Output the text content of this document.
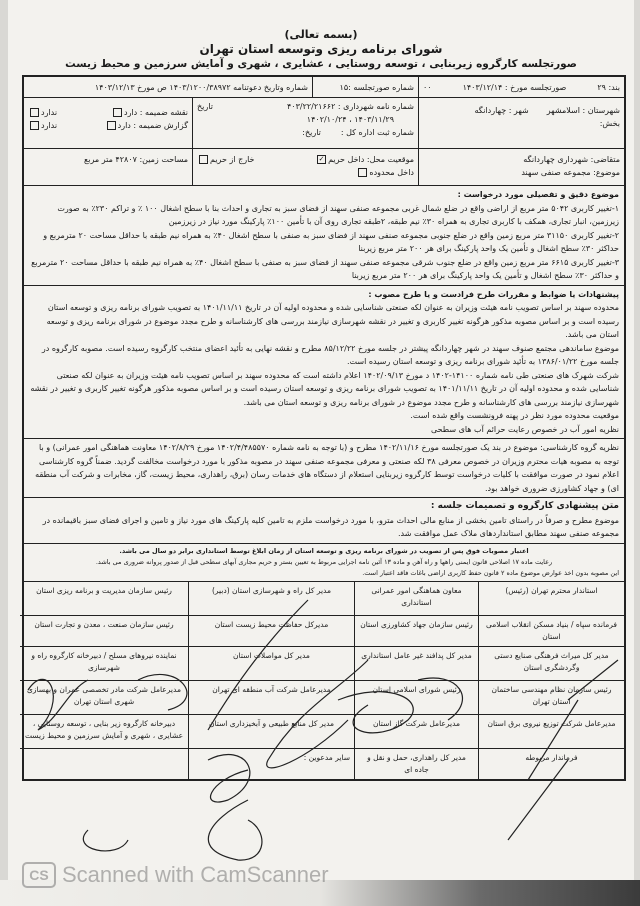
(بسمه تعالی)
شورای برنامه ریزی وتوسعه استان تهران
صورتجلسه کارگروه زیربنایی ، توسعه روستایی ، عشایری ، شهری و آمایش سرزمین و محیط زیست
بند: ۲۹
صورتجلسه مورخ : ۱۴۰۳/۱۲/۱۴
۰۰
شماره صورتجلسه :۱۵
شماره وتاریخ دعوتنامه ۱۴۰۳/۱۲۰۰/۳۸۹۷۲ ص مورخ ۱۴۰۳/۱۲/۱۳
شهرستان : اسلامشهر
شهر : چهاردانگه
بخش:
شماره نامه شهرداری : ۴۰۳/۲۲/۲۱۶۶۲
تاریخ
۱۴۰۳/۱۱/۲۹ ، ۱۴۰۲/۱۰/۲۴
شماره ثبت اداره کل :
تاریخ:
نقشه ضمیمه : دارد
ندارد
گزارش ضمیمه : دارد
ندارد
متقاضی: شهرداری چهاردانگه
موضوع: مجموعه صنفی سهند
موقعیت محل: داخل حریم✓
خارج از حریم
داخل محدوده
مساحت زمین: ۴۲۸۰۷ متر مربع

موضوع دقیق و تفصیلی مورد درخواست :

۱-تغییر کاربری ۵۰۴۲ متر مربع از اراضی واقع در ضلع شمال غربی مجموعه صنفی سهند از فضای سبز به تجاری و احداث بنا با سطح اشغال ۱۰۰ ٪ و تراکم ۲۳۰٪ به صورت زیرزمین، انبار تجاری، همکف با کاربری تجاری به همراه ۳۰٪ نیم طبقه، ۲طبقه تجاری روی آن با تأمین ۱۰۰٪ پارکینگ مورد نیاز در زیرزمین

۲-تغییر کاربری ۳۱۱۵۰ متر مربع زمین واقع در ضلع جنوبی مجموعه صنفی سهند از فضای سبز به صنفی با سطح اشغال ۴۰٪ به همراه نیم طبقه با حداقل مساحت ۲۰ مترمربع و حداکثر ۳۰٪ سطح اشغال و تأمین یک واحد پارکینگ برای هر ۲۰۰ متر مربع زیربنا

۳-تغییر کاربری ۶۶۱۵ متر مربع زمین واقع در ضلع جنوب شرقی مجموعه صنفی سهند از فضای سبز به صنفی با سطح اشغال ۴۰٪ به همراه نیم طبقه با حداقل مساحت ۲۰ مترمربع و حداکثر ۳۰٪ سطح اشغال و تأمین یک واحد پارکینگ برای هر ۲۰۰ متر مربع زیربنا

پیشنهادات یا ضوابط و مقررات طرح فرادست و یا طرح مصوب :

محدوده سهند بر اساس تصویب نامه هیئت وزیران به عنوان لکه صنعتی شناسایی شده و محدوده اولیه آن در تاریخ ۱۴۰۱/۱۱/۱۱ به تصویب شورای برنامه ریزی و توسعه استان رسیده است و بر اساس مصوبه مذکور هرگونه تغییر کاربری و تغییر در نقشه شهرسازی نیازمند بررسی های کارشناسانه و طرح مجدد موضوع در شورای برنامه ریزی و توسعه استان می باشد.

موضوع ساماندهی مجتمع صنوف سهند در شهر چهاردانگه پیشتر در جلسه مورخ ۸۵/۱۲/۲۲ مطرح و نقشه نهایی به تأئید اعضای منتخب کارگروه رسیده است. مصوبه کارگروه در جلسه مورخ ۱۳۸۶/۰۱/۲۲ به تأئید شورای برنامه ریزی و توسعه استان رسیده است.

شرکت شهرک های صنعتی طی نامه شماره ۱۴۱۰۰-۱۴۰۲ د مورخ ۱۴۰۲/۰۹/۱۳ اعلام داشته است که محدوده سهند بر اساس تصویب نامه هیئت وزیران به عنوان لکه صنعتی شناسایی شده و محدوده اولیه آن در تاریخ ۱۴۰۱/۱۱/۱۱ به تصویب شورای برنامه ریزی و توسعه استان رسیده است و بر اساس مصوبه مذکور هرگونه تغییر کاربری و تغییر در نقشه شهرسازی نیازمند بررسی های کارشناسانه و طرح مجدد موضوع در شورای برنامه ریزی و توسعه استان می باشد.

موقعیت محدوده مورد نظر در پهنه فرونشست واقع شده است.

نظریه امور آب در خصوص رعایت حرائم آب های سطحی

نظریه گروه کارشناسی: موضوع در بند یک صورتجلسه مورخ ۱۴۰۲/۱۱/۱۶ مطرح و (با توجه به نامه شماره ۱۴۰۲/۴/۴۸۵۵۷۰ مورخ ۱۴۰۲/۸/۲۹ معاونت هماهنگی امور عمرانی) و با توجه به مصوبه هیات محترم وزیران در خصوص معرفی ۳۸ لکه صنعتی و معرفی مجموعه صنفی سهند در مصوبه مذکور با مورد درخواست مخالفت گردید. ضمناً گروه کارشناسی اعلام نمود در صورت موافقت با کلیات درخواست توسط کارگروه زیربنایی استعلام از دستگاه های خدمات رسان (برق، راهداری، محیط زیست، گاز، مخابرات و شرکت آب منطقه ای) و جهاد کشاورزی ضروری خواهد بود.

متن پیشنهادی کارگروه و تصمیمات جلسه :

موضوع مطرح و صرفاً در راستای تامین بخشی از منابع مالی احداث مترو، با مورد درخواست ملزم به تامین کلیه پارکینگ های مورد نیاز و تامین و اجرای فضای سبز باقیمانده در مجموعه صنفی سهند مطابق استانداردهای ملاک عمل موافقت شد.

اعتبار مصوبات فوق پس از تصویب در شورای برنامه ریزی و توسعه استان از زمان ابلاغ توسط استانداری برابر دو سال می باشد.

رعایت ماده ۱۷ اصلاحی قانون ایمنی راهها و راه آهن و ماده ۱۳ آئین نامه اجرایی مربوط به تعیین بستر و حریم مجاری آبهای سطحی قبل از صدور پروانه ضروری می باشد.

این مصوبه بدون اخذ عوارض موضوع ماده ۲ قانون حفظ کاربری اراضی باغات فاقد اعتبار است.

استاندار محترم تهران (رئیس)
معاون هماهنگی امور عمرانی استانداری
مدیر کل راه و شهرسازی استان (دبیر)
رئیس سازمان مدیریت و برنامه ریزی استان
فرمانده سپاه / بنیاد مسکن انقلاب اسلامی استان
رئیس سازمان جهاد کشاورزی استان
مدیرکل حفاظت محیط زیست استان
رئیس سازمان صنعت ، معدن و تجارت استان
مدیر کل میراث فرهنگی صنایع دستی وگردشگری استان
مدیر کل پدافند غیر عامل استانداری
مدیر کل مواصلات استان
نماینده نیروهای مسلح / دبیرخانه کارگروه راه و شهرسازی
رئیس سازمان نظام مهندسی ساختمان استان تهران
رئیس شورای اسلامی استان
مدیرعامل شرکت آب منطقه ای تهران
مدیرعامل شرکت مادر تخصصی عمران و بهسازی شهری استان تهران
مدیرعامل شرکت توزیع نیروی برق استان
مدیرعامل شرکت گاز استان
مدیر کل منابع طبیعی و آبخیزداری استان
دبیرخانه کارگروه زیر بنایی ، توسعه روستایی ، عشایری ، شهری و آمایش سرزمین و محیط زیست
فرماندار مربوطه
مدیر کل راهداری، حمل و نقل و جاده ای
سایر مدعوین :
CS Scanned with CamScanner
